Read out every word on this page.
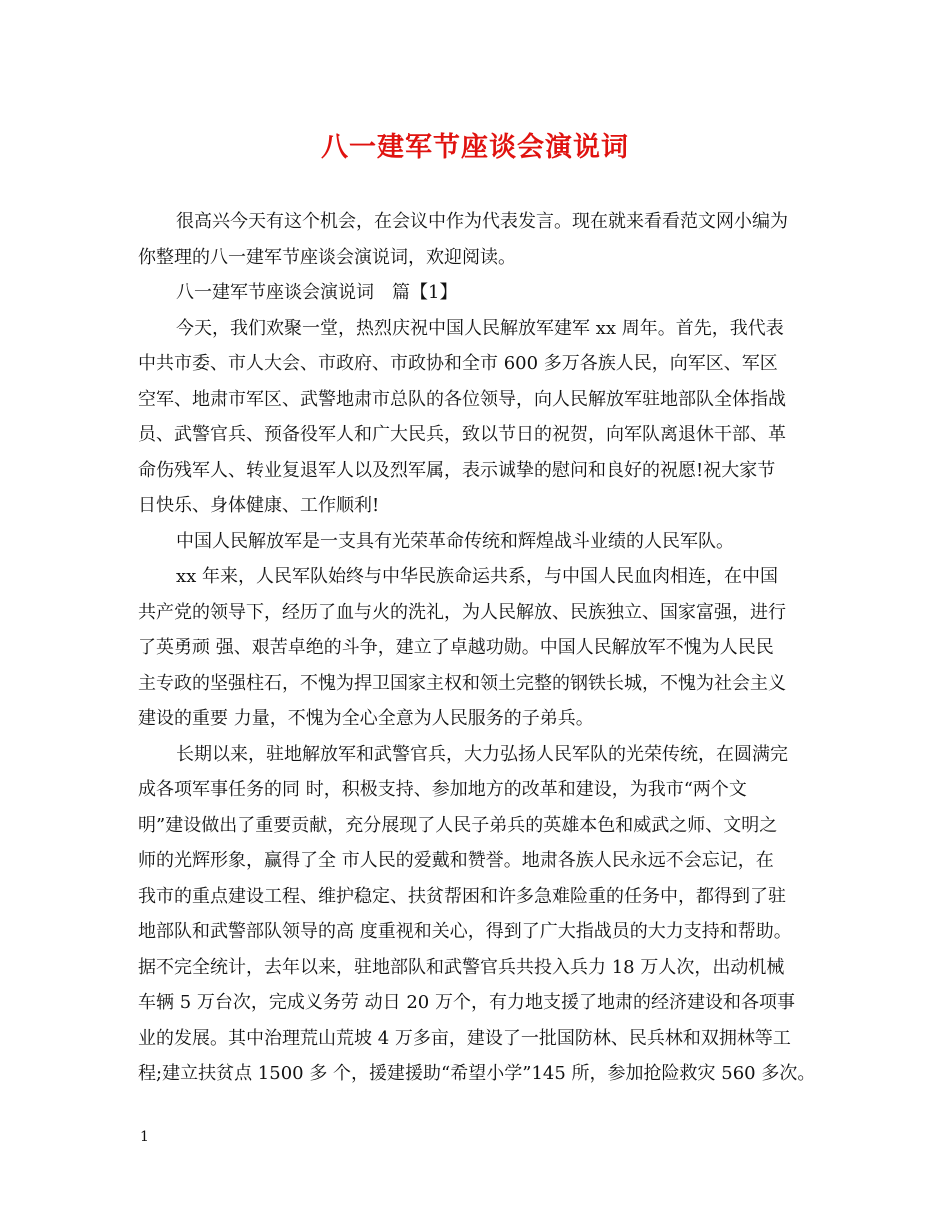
八一建军节座谈会演说词
很高兴今天有这个机会，在会议中作为代表发言。现在就来看看范文网小编为
你整理的八一建军节座谈会演说词，欢迎阅读。
八一建军节座谈会演说词　篇【1】
今天，我们欢聚一堂，热烈庆祝中国人民解放军建军 xx 周年。首先，我代表
中共市委、市人大会、市政府、市政协和全市 600 多万各族人民，向军区、军区
空军、地肃市军区、武警地肃市总队的各位领导，向人民解放军驻地部队全体指战
员、武警官兵、预备役军人和广大民兵，致以节日的祝贺，向军队离退休干部、革
命伤残军人、转业复退军人以及烈军属，表示诚挚的慰问和良好的祝愿!祝大家节
日快乐、身体健康、工作顺利!
中国人民解放军是一支具有光荣革命传统和辉煌战斗业绩的人民军队。
xx 年来，人民军队始终与中华民族命运共系，与中国人民血肉相连，在中国
共产党的领导下，经历了血与火的洗礼，为人民解放、民族独立、国家富强，进行
了英勇顽 强、艰苦卓绝的斗争，建立了卓越功勋。中国人民解放军不愧为人民民
主专政的坚强柱石，不愧为捍卫国家主权和领土完整的钢铁长城，不愧为社会主义
建设的重要 力量，不愧为全心全意为人民服务的子弟兵。
长期以来，驻地解放军和武警官兵，大力弘扬人民军队的光荣传统，在圆满完
成各项军事任务的同 时，积极支持、参加地方的改革和建设，为我市“两个文
明”建设做出了重要贡献，充分展现了人民子弟兵的英雄本色和威武之师、文明之
师的光辉形象，赢得了全 市人民的爱戴和赞誉。地肃各族人民永远不会忘记，在
我市的重点建设工程、维护稳定、扶贫帮困和许多急难险重的任务中，都得到了驻
地部队和武警部队领导的高 度重视和关心，得到了广大指战员的大力支持和帮助。
据不完全统计，去年以来，驻地部队和武警官兵共投入兵力 18 万人次，出动机械
车辆 5 万台次，完成义务劳 动日 20 万个，有力地支援了地肃的经济建设和各项事
业的发展。其中治理荒山荒坡 4 万多亩，建设了一批国防林、民兵林和双拥林等工
程;建立扶贫点 1500 多 个，援建援助“希望小学”145 所，参加抢险救灾 560 多次。
1
